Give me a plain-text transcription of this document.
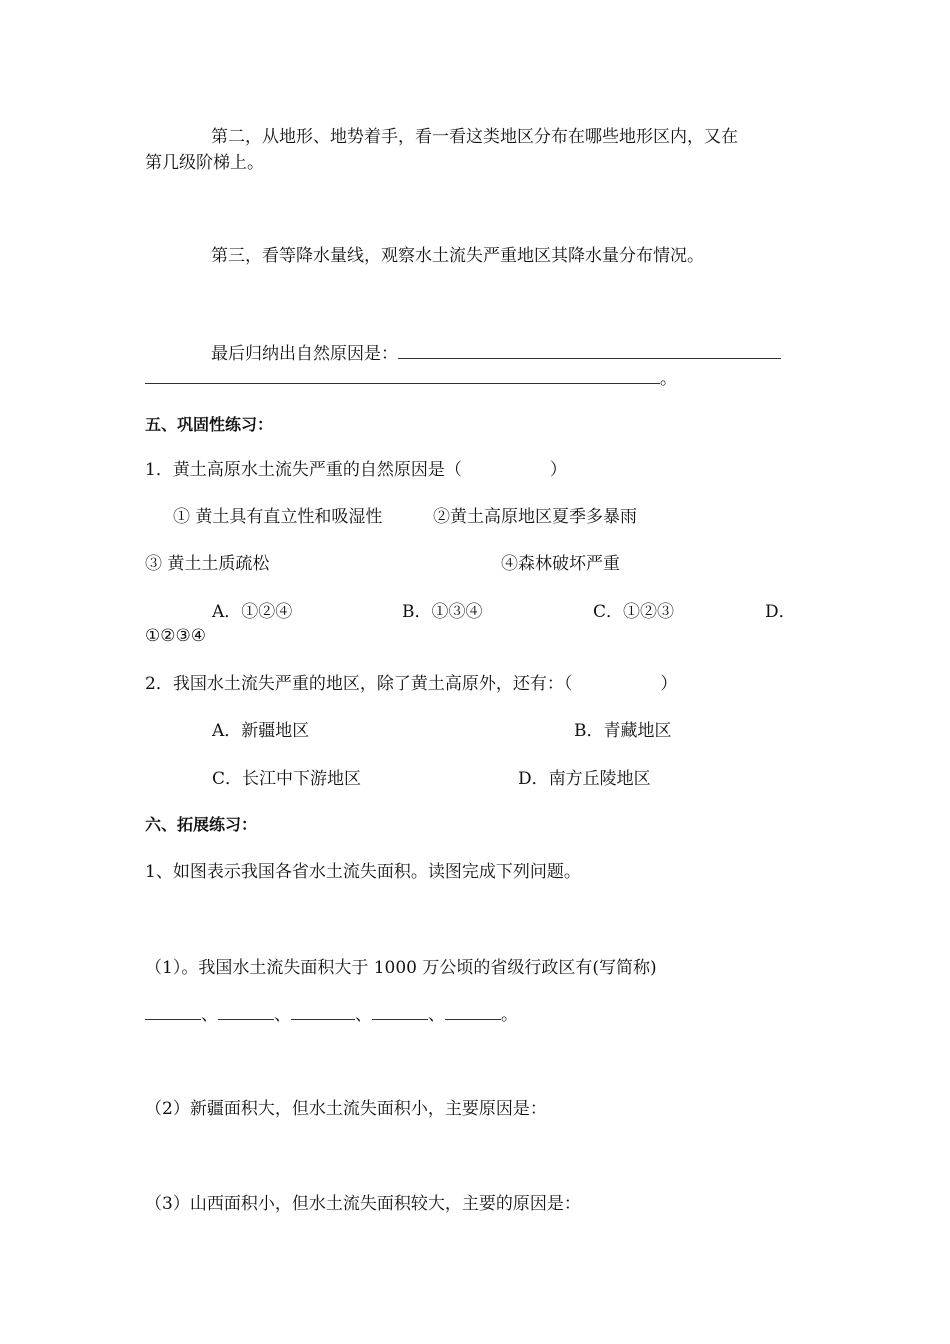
第二，从地形、地势着手，看一看这类地区分布在哪些地形区内，又在
第几级阶梯上。
第三，看等降水量线，观察水土流失严重地区其降水量分布情况。
最后归纳出自然原因是：
。
五、巩固性练习：
1．黄土高原水土流失严重的自然原因是（	）
① 黄土具有直立性和吸湿性	②黄土高原地区夏季多暴雨
③ 黄土土质疏松	④森林破坏严重
A．①②④	B．①③④	C．①②③	D．
①②③④
2．我国水土流失严重的地区，除了黄土高原外，还有：（	）
A．新疆地区	B．青藏地区
C．长江中下游地区	D．南方丘陵地区
六、拓展练习：
1、如图表示我国各省水土流失面积。读图完成下列问题。
（1）。我国水土流失面积大于 1000 万公顷的省级行政区有(写简称)
、	、	、	、	。
（2）新疆面积大，但水土流失面积小，主要原因是：
（3）山西面积小，但水土流失面积较大，主要的原因是：
